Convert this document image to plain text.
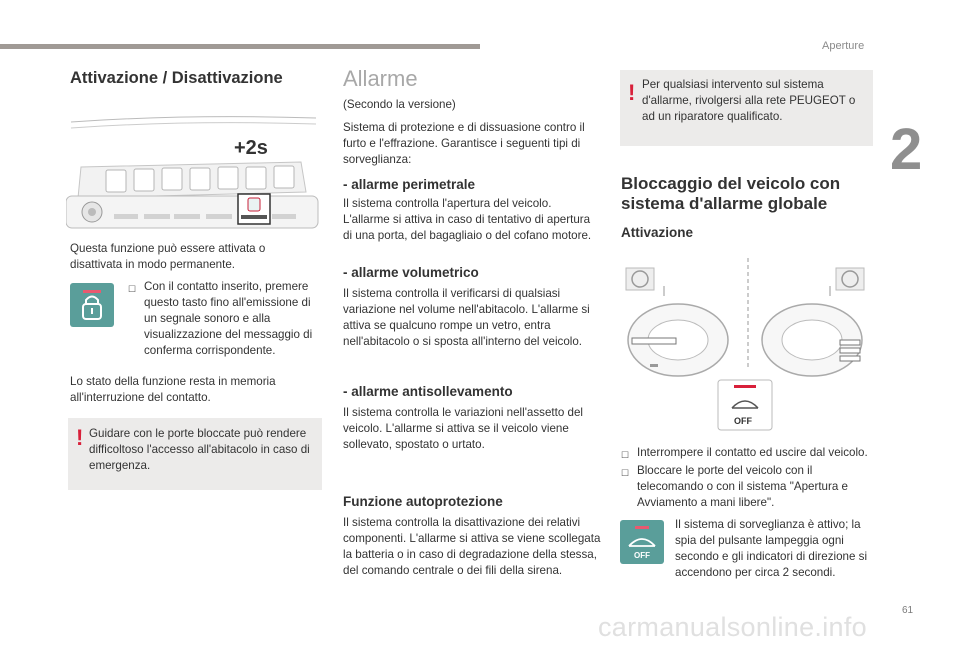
Aperture
2
61
carmanualsonline.info
Attivazione / Disattivazione
+2s
Questa funzione può essere attivata o disattivata in modo permanente.
☐ Con il contatto inserito, premere questo tasto fino all'emissione di un segnale sonoro e alla visualizzazione del messaggio di conferma corrispondente.
Lo stato della funzione resta in memoria all'interruzione del contatto.
! Guidare con le porte bloccate può rendere difficoltoso l'accesso all'abitacolo in caso di emergenza.
Allarme
(Secondo la versione)
Sistema di protezione e di dissuasione contro il furto e l'effrazione. Garantisce i seguenti tipi di sorveglianza:
- allarme perimetrale
Il sistema controlla l'apertura del veicolo. L'allarme si attiva in caso di tentativo di apertura di una porta, del bagagliaio o del cofano motore.
- allarme volumetrico
Il sistema controlla il verificarsi di qualsiasi variazione nel volume nell'abitacolo. L'allarme si attiva se qualcuno rompe un vetro, entra nell'abitacolo o si sposta all'interno del veicolo.
- allarme antisollevamento
Il sistema controlla le variazioni nell'assetto del veicolo. L'allarme si attiva se il veicolo viene sollevato, spostato o urtato.
Funzione autoprotezione
Il sistema controlla la disattivazione dei relativi componenti. L'allarme si attiva se viene scollegata la batteria o in caso di degradazione della stessa, del comando centrale o dei fili della sirena.
! Per qualsiasi intervento sul sistema d'allarme, rivolgersi alla rete PEUGEOT o ad un riparatore qualificato.
Bloccaggio del veicolo con sistema d'allarme globale
Attivazione
OFF
☐ Interrompere il contatto ed uscire dal veicolo.
☐ Bloccare le porte del veicolo con il telecomando o con il sistema "Apertura e Avviamento a mani libere".
OFF
Il sistema di sorveglianza è attivo; la spia del pulsante lampeggia ogni secondo e gli indicatori di direzione si accendono per circa 2 secondi.
